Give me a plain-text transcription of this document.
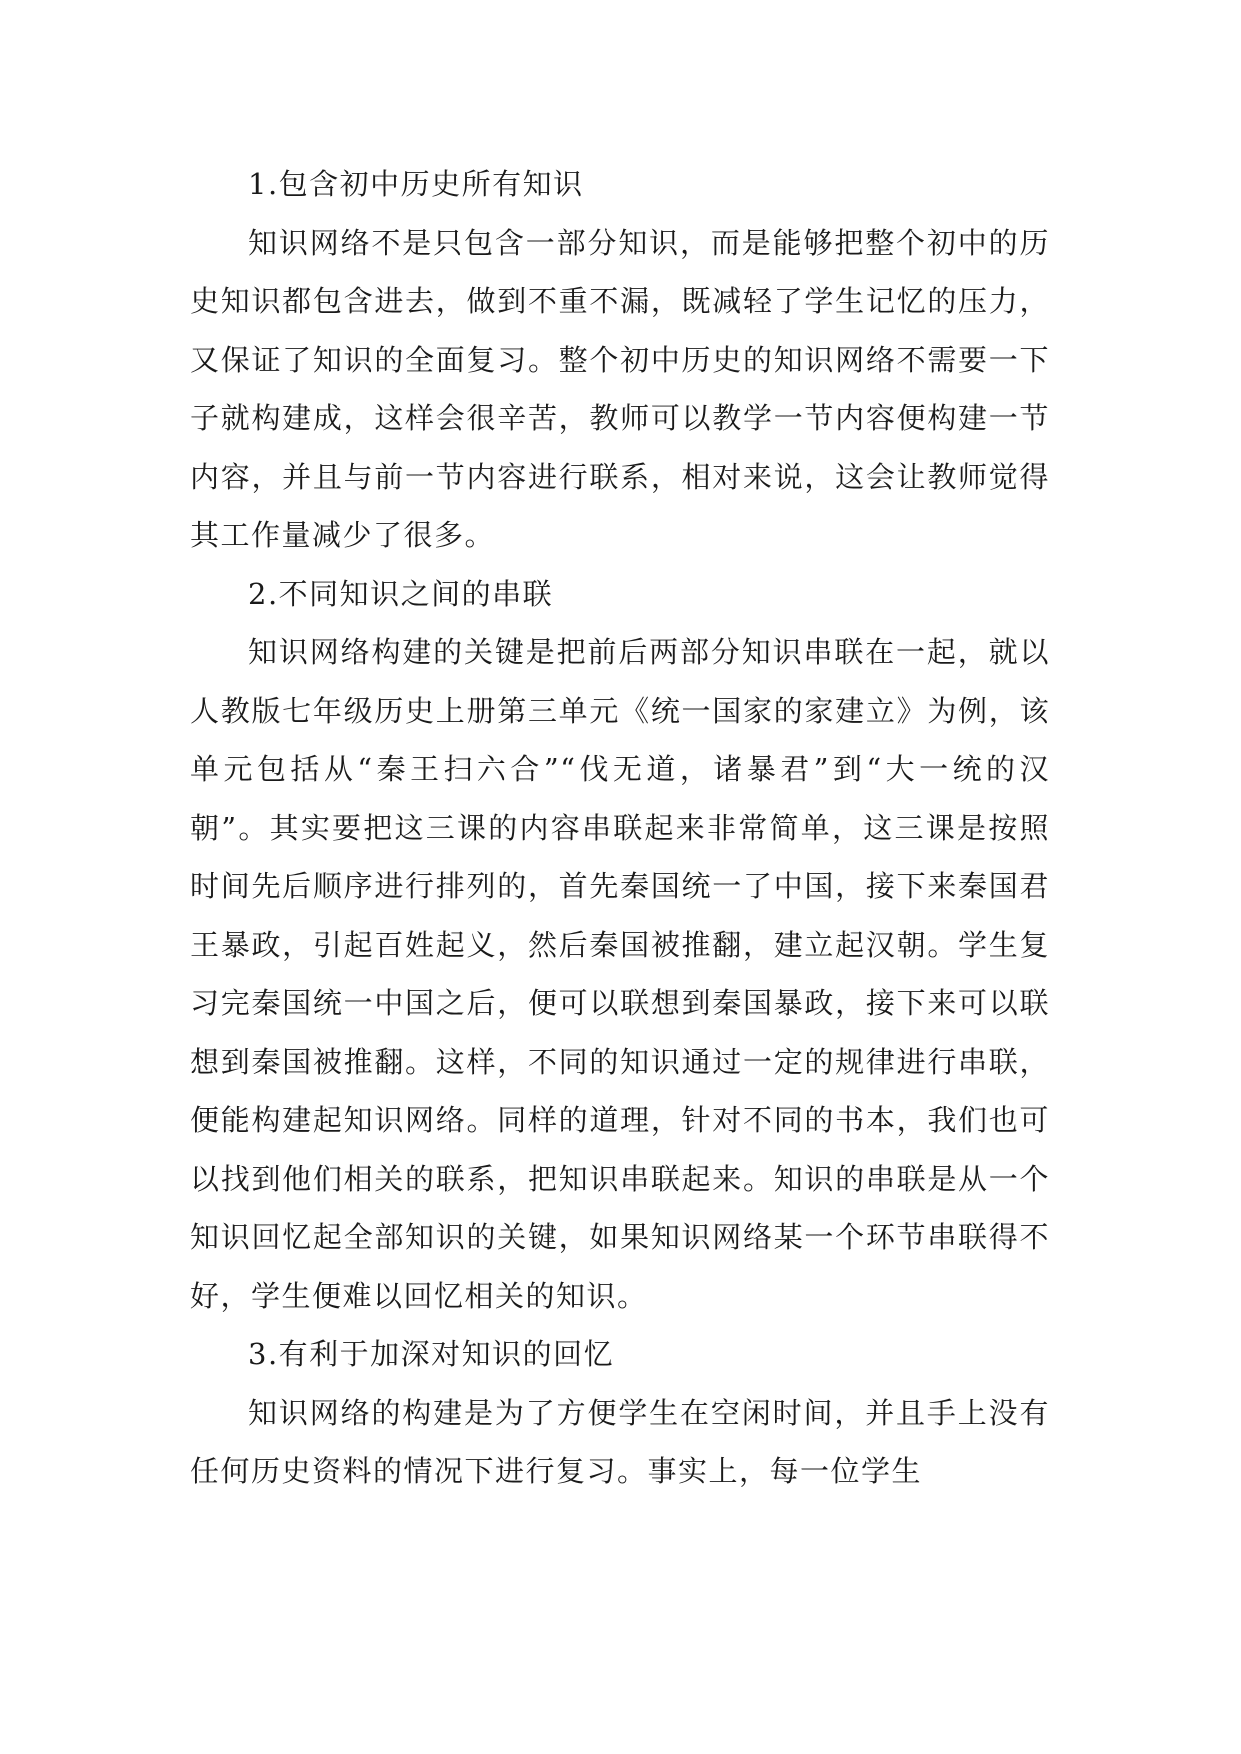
1.包含初中历史所有知识

知识网络不是只包含一部分知识，而是能够把整个初中的历史知识都包含进去，做到不重不漏，既减轻了学生记忆的压力，又保证了知识的全面复习。整个初中历史的知识网络不需要一下子就构建成，这样会很辛苦，教师可以教学一节内容便构建一节内容，并且与前一节内容进行联系，相对来说，这会让教师觉得其工作量减少了很多。

2.不同知识之间的串联

知识网络构建的关键是把前后两部分知识串联在一起，就以人教版七年级历史上册第三单元《统一国家的家建立》为例，该单元包括从“秦王扫六合”“伐无道，诸暴君”到“大一统的汉朝”。其实要把这三课的内容串联起来非常简单，这三课是按照时间先后顺序进行排列的，首先秦国统一了中国，接下来秦国君王暴政，引起百姓起义，然后秦国被推翻，建立起汉朝。学生复习完秦国统一中国之后，便可以联想到秦国暴政，接下来可以联想到秦国被推翻。这样，不同的知识通过一定的规律进行串联，便能构建起知识网络。同样的道理，针对不同的书本，我们也可以找到他们相关的联系，把知识串联起来。知识的串联是从一个知识回忆起全部知识的关键，如果知识网络某一个环节串联得不好，学生便难以回忆相关的知识。

3.有利于加深对知识的回忆

知识网络的构建是为了方便学生在空闲时间，并且手上没有任何历史资料的情况下进行复习。事实上，每一位学生
